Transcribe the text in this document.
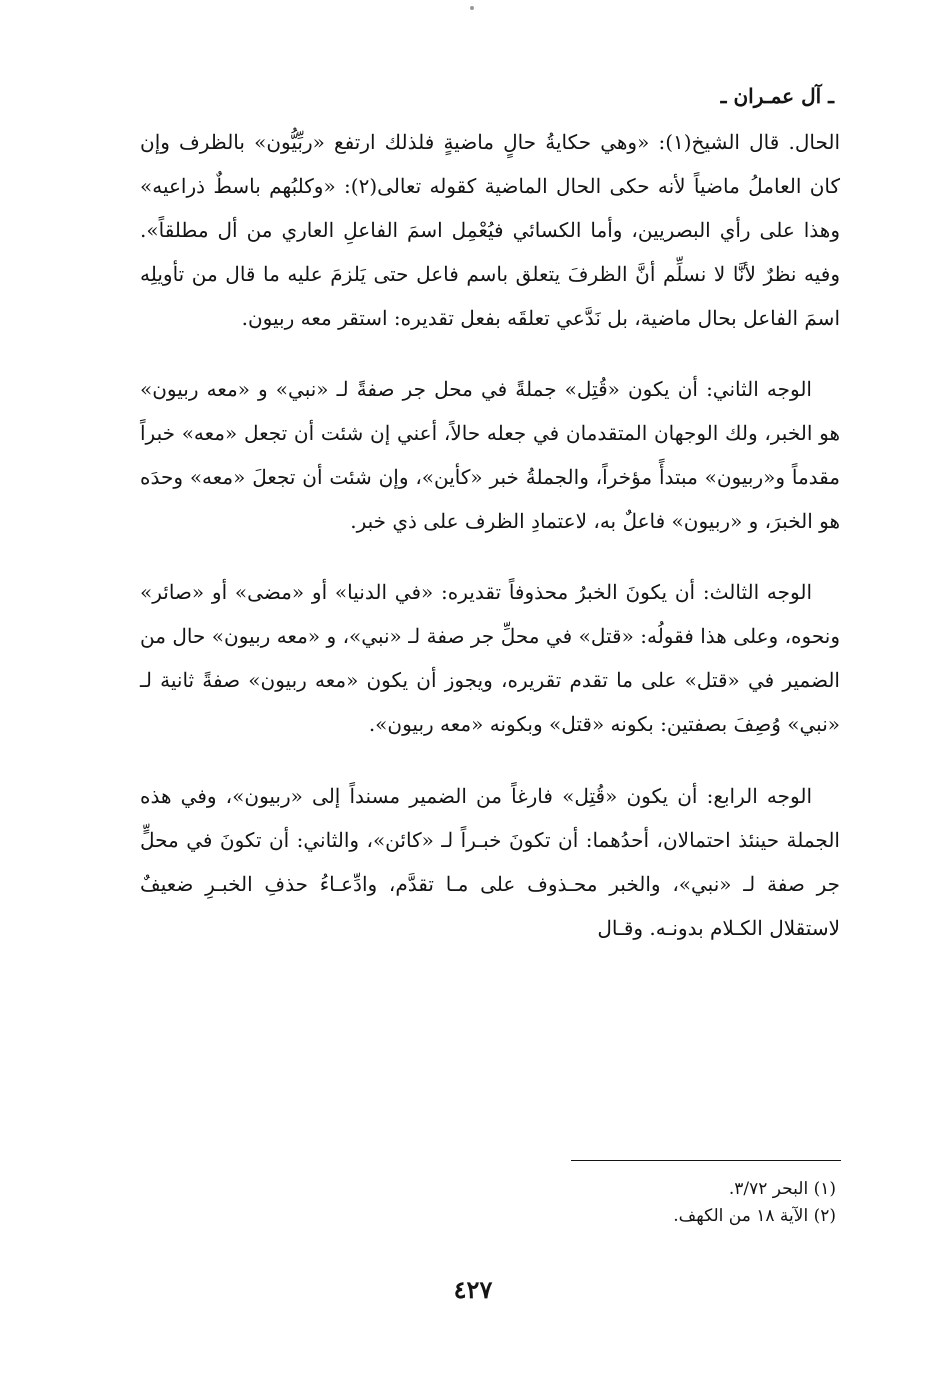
ـ آل عمـران ـ

الحال. قال الشيخ(١): «وهي حكايةُ حالٍ ماضيةٍ فلذلك ارتفع «ربِّيُّون» بالظرف وإن كان العاملُ ماضياً لأنه حكى الحال الماضية كقوله تعالى(٢): «وكلبُهم باسطٌ ذراعيه» وهذا على رأي البصريين، وأما الكسائي فيُعْمِل اسمَ الفاعلِ العاري من أل مطلقاً». وفيه نظرٌ لأنَّا لا نسلِّم أنَّ الظرفَ يتعلق باسم فاعل حتى يَلزمَ عليه ما قال من تأويلِه اسمَ الفاعل بحال ماضية، بل نَدَّعي تعلقَه بفعل تقديره: استقر معه ربيون.

الوجه الثاني: أن يكون «قُتِل» جملةً في محل جر صفةً لـ «نبي» و «معه ربيون» هو الخبر، ولك الوجهان المتقدمان في جعله حالاً، أعني إن شئت أن تجعل «معه» خبراً مقدماً و«ربيون» مبتدأً مؤخراً، والجملةُ خبر «كأين»، وإن شئت أن تجعلَ «معه» وحدَه هو الخبرَ، و «ربيون» فاعلٌ به، لاعتمادِ الظرف على ذي خبر.

الوجه الثالث: أن يكونَ الخبرُ محذوفاً تقديره: «في الدنيا» أو «مضى» أو «صائر» ونحوه، وعلى هذا فقولُه: «قتل» في محلِّ جر صفة لـ «نبي»، و «معه ربيون» حال من الضمير في «قتل» على ما تقدم تقريره، ويجوز أن يكون «معه ربيون» صفةً ثانية لـ «نبي» وُصِفَ بصفتين: بكونه «قتل» وبكونه «معه ربيون».

الوجه الرابع: أن يكون «قُتِل» فارغاً من الضمير مسنداً إلى «ربيون»، وفي هذه الجملة حينئذ احتمالان، أحدُهما: أن تكونَ خبـراً لـ «كائن»، والثاني: أن تكونَ في محلٍّ جر صفة لـ «نبي»، والخبر محـذوف على مـا تقدَّم، وادِّعـاءُ حذفِ الخبـرِ ضعيفٌ لاستقلال الكـلام بدونـه. وقـال

(١) البحر ٣/٧٢.

(٢) الآية ١٨ من الكهف.

٤٢٧
